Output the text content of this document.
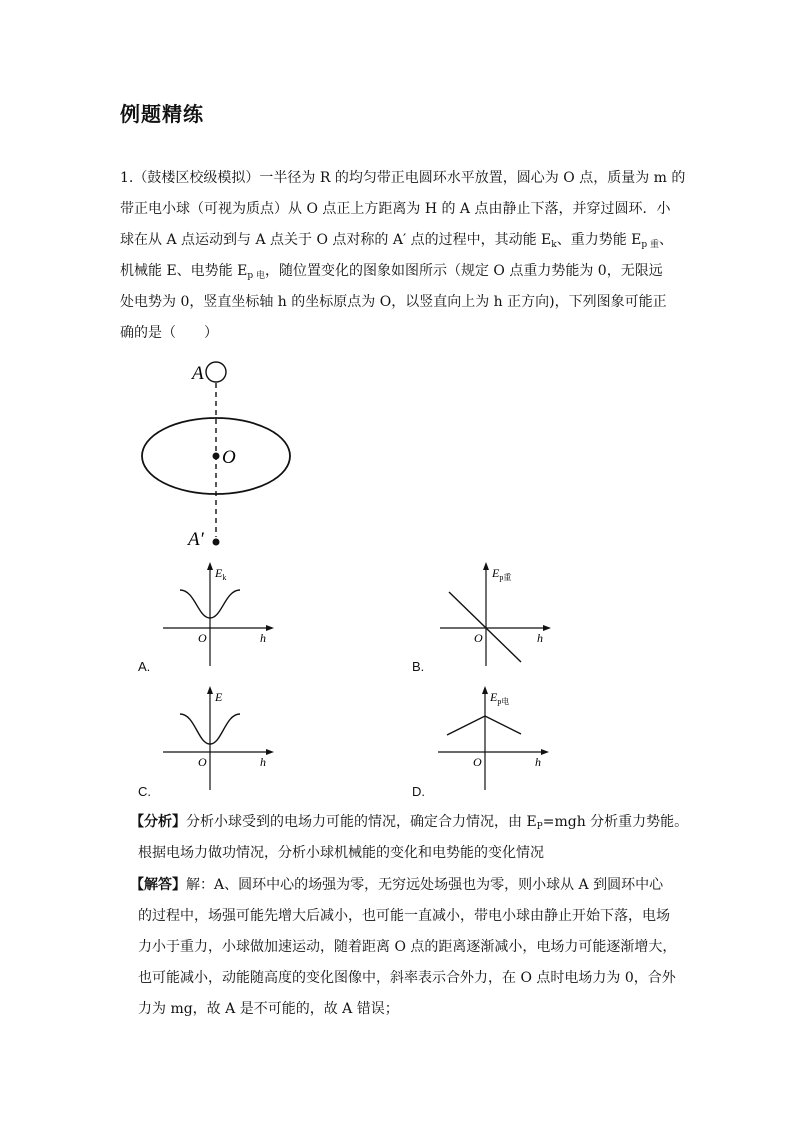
例题精练
1.（鼓楼区校级模拟）一半径为 R 的均匀带正电圆环水平放置，圆心为 O 点，质量为 m 的
带正电小球（可视为质点）从 O 点正上方距离为 H 的 A 点由静止下落，并穿过圆环．小
球在从 A 点运动到与 A 点关于 O 点对称的 A′ 点的过程中，其动能 $E_k$、重力势能 $E_{p 重}$、
机械能 E、电势能 $E_{p 电}$，随位置变化的图象如图所示（规定 O 点重力势能为 0，无限远
处电势为 0，竖直坐标轴 h 的坐标原点为 O，以竖直向上为 h 正方向)，下列图象可能正
确的是（　　）
A
O
A′
$E_k$
O	h
A.
$E_{p重}$
O	h
B.
E
O	h
C.
$E_{p电}$
O	h
D.
【分析】分析小球受到的电场力可能的情况，确定合力情况，由 $E_P=mgh$ 分析重力势能。
根据电场力做功情况，分析小球机械能的变化和电势能的变化情况
【解答】解：A、圆环中心的场强为零，无穷远处场强也为零，则小球从 A 到圆环中心
的过程中，场强可能先增大后减小，也可能一直减小，带电小球由静止开始下落，电场
力小于重力，小球做加速运动，随着距离 O 点的距离逐渐减小，电场力可能逐渐增大，
也可能减小，动能随高度的变化图像中，斜率表示合外力，在 O 点时电场力为 0，合外
力为 mg，故 A 是不可能的，故 A 错误；
